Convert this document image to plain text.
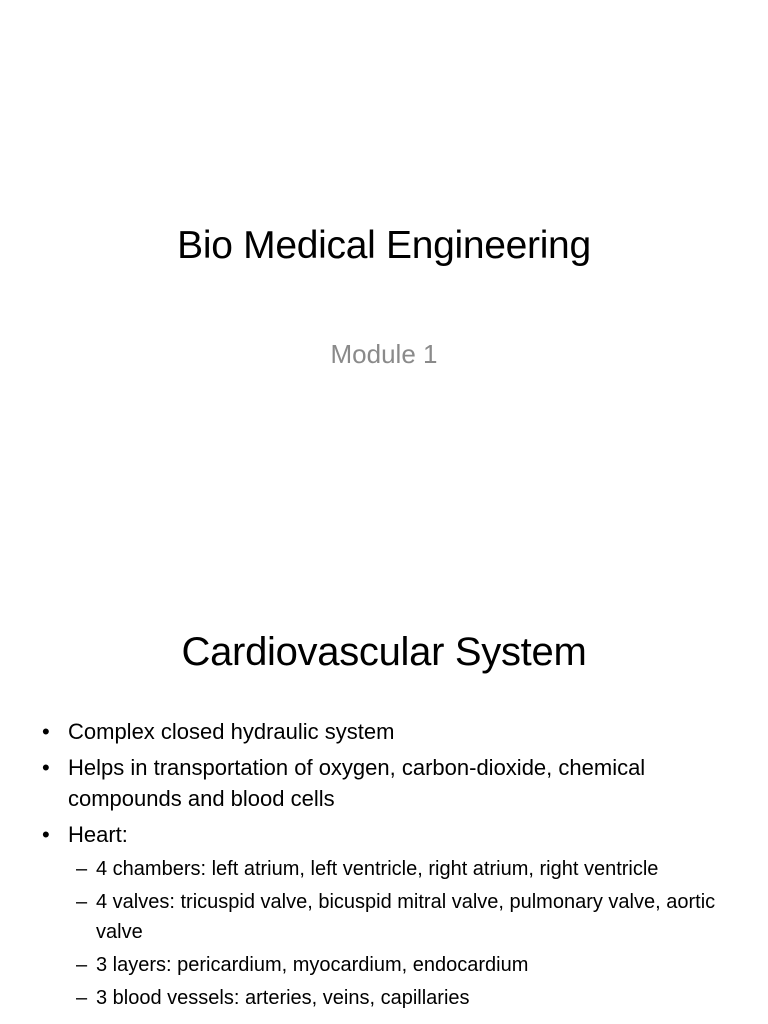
Bio Medical Engineering
Module 1
Cardiovascular System
• Complex closed hydraulic system
• Helps in transportation of oxygen, carbon-dioxide, chemical compounds and blood cells
• Heart:
– 4 chambers: left atrium, left ventricle, right atrium, right ventricle
– 4 valves: tricuspid valve, bicuspid mitral valve, pulmonary valve, aortic valve
– 3 layers: pericardium, myocardium, endocardium
– 3 blood vessels: arteries, veins, capillaries
